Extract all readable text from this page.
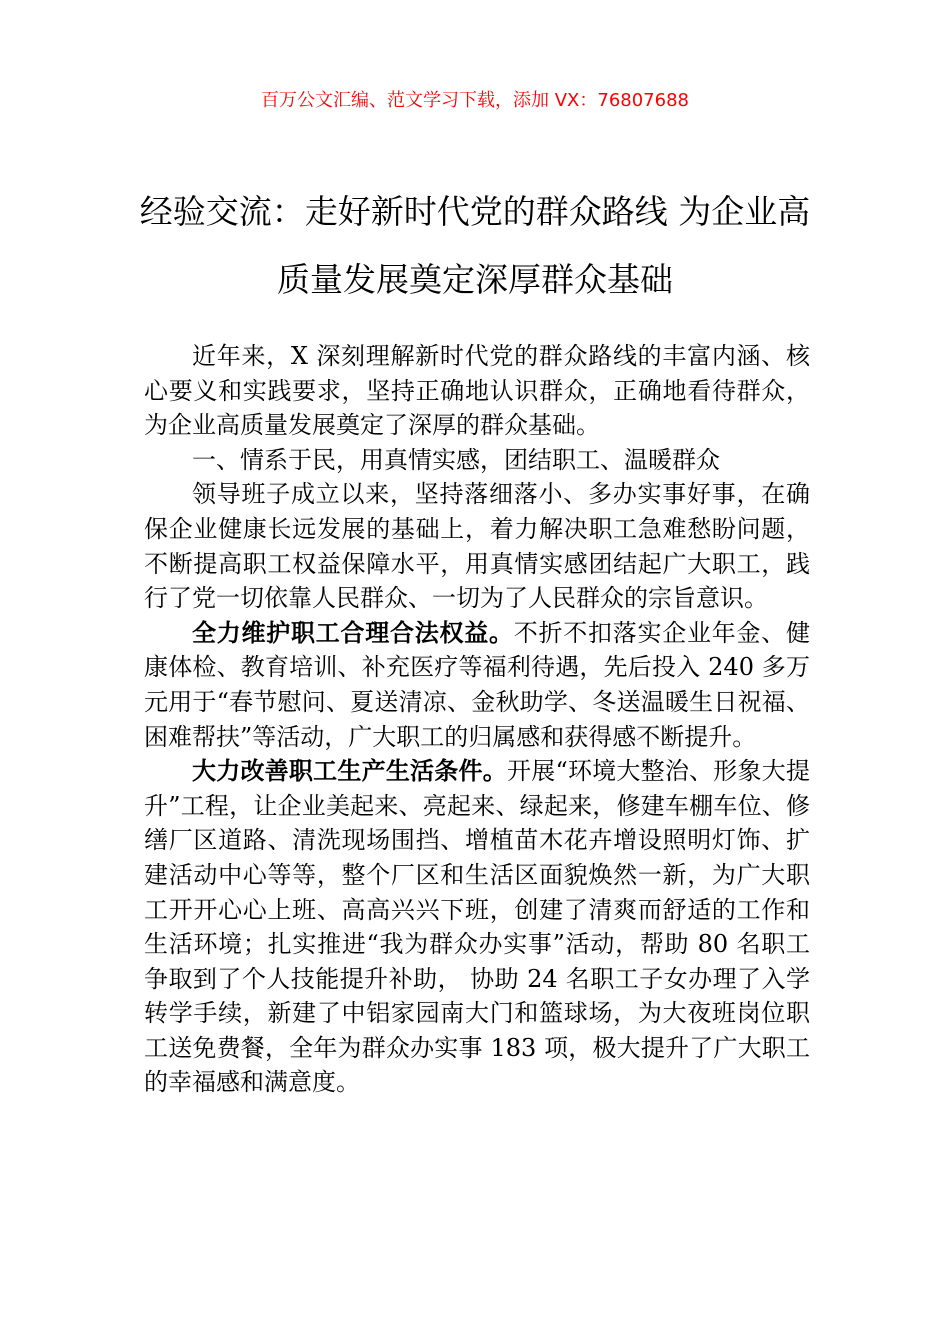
百万公文汇编、范文学习下载，添加 VX：76807688
经验交流：走好新时代党的群众路线 为企业高质量发展奠定深厚群众基础

近年来，X 深刻理解新时代党的群众路线的丰富内涵、核心要义和实践要求，坚持正确地认识群众，正确地看待群众，为企业高质量发展奠定了深厚的群众基础。

一、情系于民，用真情实感，团结职工、温暖群众

领导班子成立以来，坚持落细落小、多办实事好事，在确保企业健康长远发展的基础上，着力解决职工急难愁盼问题，不断提高职工权益保障水平，用真情实感团结起广大职工，践行了党一切依靠人民群众、一切为了人民群众的宗旨意识。

全力维护职工合理合法权益。不折不扣落实企业年金、健康体检、教育培训、补充医疗等福利待遇，先后投入 240 多万元用于“春节慰问、夏送清凉、金秋助学、冬送温暖生日祝福、困难帮扶”等活动，广大职工的归属感和获得感不断提升。

大力改善职工生产生活条件。开展“环境大整治、形象大提升”工程，让企业美起来、亮起来、绿起来，修建车棚车位、修缮厂区道路、清洗现场围挡、增植苗木花卉增设照明灯饰、扩建活动中心等等，整个厂区和生活区面貌焕然一新，为广大职工开开心心上班、高高兴兴下班，创建了清爽而舒适的工作和生活环境；扎实推进“我为群众办实事”活动，帮助 80 名职工争取到了个人技能提升补助， 协助 24 名职工子女办理了入学转学手续，新建了中铝家园南大门和篮球场，为大夜班岗位职工送免费餐，全年为群众办实事 183 项，极大提升了广大职工的幸福感和满意度。
